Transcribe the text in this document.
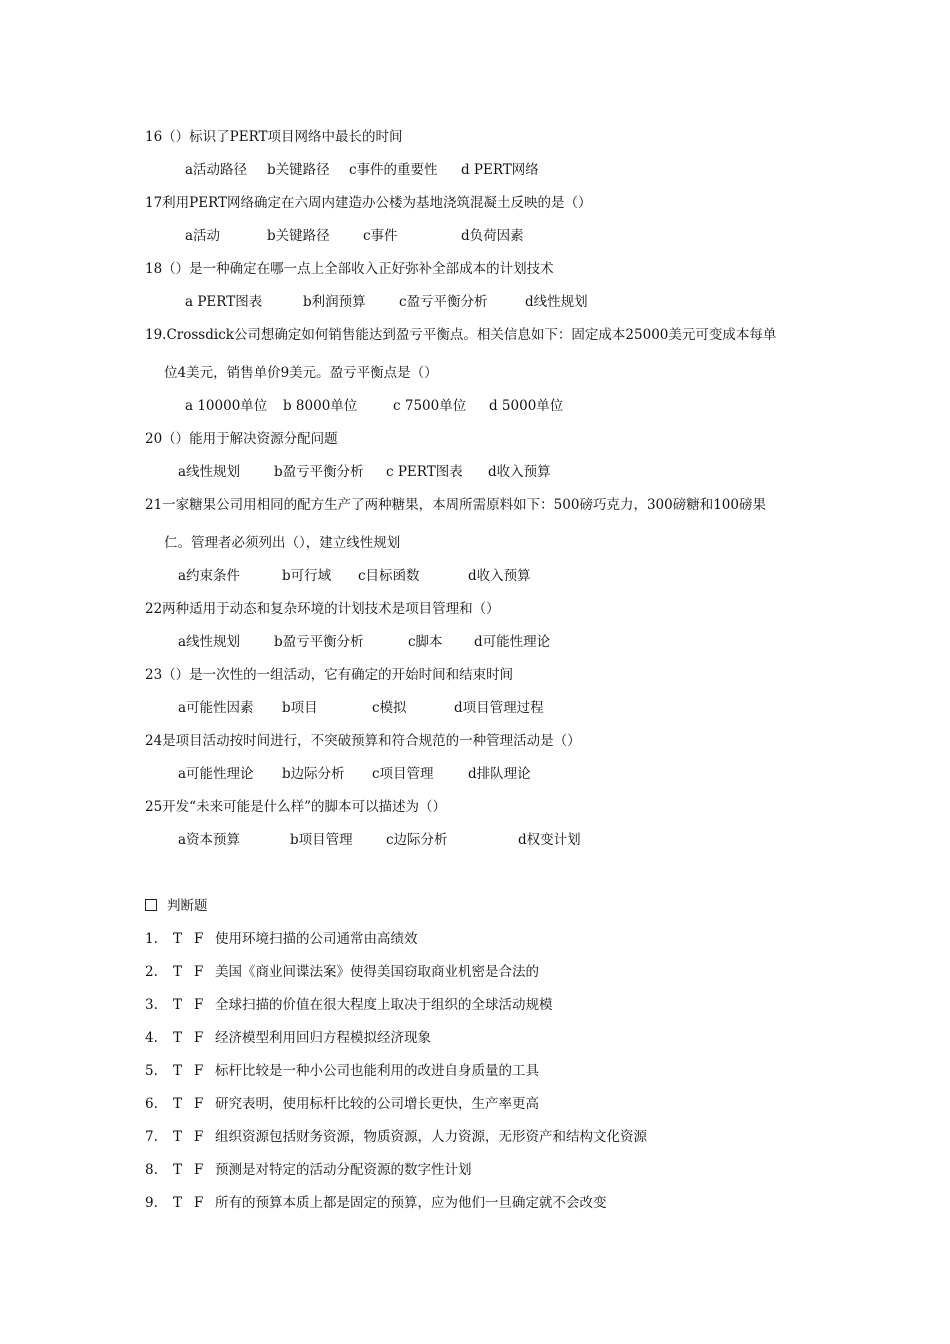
16（）标识了PERT项目网络中最长的时间
a活动路径 b关键路径 c事件的重要性 d PERT网络
17利用PERT网络确定在六周内建造办公楼为基地浇筑混凝土反映的是（）
a活动	b关键路径 c事件	d负荷因素
18（）是一种确定在哪一点上全部收入正好弥补全部成本的计划技术
a PERT图表	b利润预算 c盈亏平衡分析	d线性规划
19.Crossdick公司想确定如何销售能达到盈亏平衡点。相关信息如下：固定成本25000美元可变成本每单
位4美元，销售单价9美元。盈亏平衡点是（）
a 10000单位 b 8000单位	c 7500单位 d 5000单位
20（）能用于解决资源分配问题
a线性规划	b盈亏平衡分析 c PERT图表 d收入预算
21一家糖果公司用相同的配方生产了两种糖果，本周所需原料如下：500磅巧克力，300磅糖和100磅果
仁。管理者必须列出（），建立线性规划
a约束条件	b可行域 c目标函数	d收入预算
22两种适用于动态和复杂环境的计划技术是项目管理和（）
a线性规划	b盈亏平衡分析	c脚本 d可能性理论
23（）是一次性的一组活动，它有确定的开始时间和结束时间
a可能性因素 b项目	c模拟	d项目管理过程
24是项目活动按时间进行，不突破预算和符合规范的一种管理活动是（）
a可能性理论 b边际分析 c项目管理	d排队理论
25开发“未来可能是什么样”的脚本可以描述为（）
a资本预算	b项目管理 c边际分析	d权变计划
判断题
1. T F 使用环境扫描的公司通常由高绩效
2. T F 美国《商业间谍法案》使得美国窃取商业机密是合法的
3. T F 全球扫描的价值在很大程度上取决于组织的全球活动规模
4. T F 经济模型利用回归方程模拟经济现象
5. T F 标杆比较是一种小公司也能利用的改进自身质量的工具
6. T F 研究表明，使用标杆比较的公司增长更快，生产率更高
7. T F 组织资源包括财务资源，物质资源，人力资源，无形资产和结构文化资源
8. T F 预测是对特定的活动分配资源的数字性计划
9. T F 所有的预算本质上都是固定的预算，应为他们一旦确定就不会改变
